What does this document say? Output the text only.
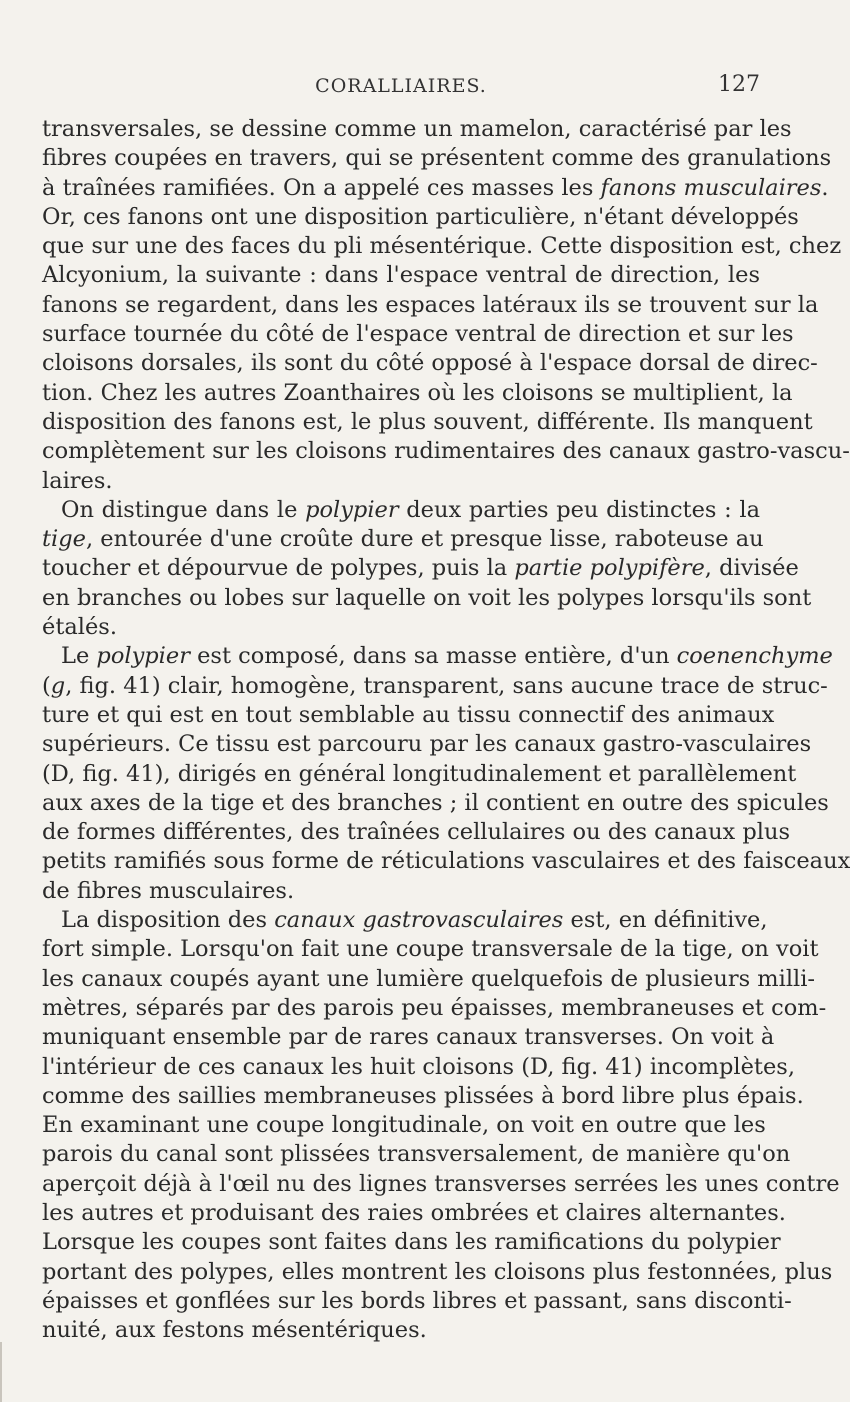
CORALLIAIRES.	127
transversales, se dessine comme un mamelon, caractérisé par les
fibres coupées en travers, qui se présentent comme des granulations
à traînées ramifiées. On a appelé ces masses les fanons musculaires.
Or, ces fanons ont une disposition particulière, n'étant développés
que sur une des faces du pli mésentérique. Cette disposition est, chez
Alcyonium, la suivante : dans l'espace ventral de direction, les
fanons se regardent, dans les espaces latéraux ils se trouvent sur la
surface tournée du côté de l'espace ventral de direction et sur les
cloisons dorsales, ils sont du côté opposé à l'espace dorsal de direc-
tion. Chez les autres Zoanthaires où les cloisons se multiplient, la
disposition des fanons est, le plus souvent, différente. Ils manquent
complètement sur les cloisons rudimentaires des canaux gastro-vascu-
laires.
On distingue dans le polypier deux parties peu distinctes : la
tige, entourée d'une croûte dure et presque lisse, raboteuse au
toucher et dépourvue de polypes, puis la partie polypifère, divisée
en branches ou lobes sur laquelle on voit les polypes lorsqu'ils sont
étalés.
Le polypier est composé, dans sa masse entière, d'un coenenchyme
(g, fig. 41) clair, homogène, transparent, sans aucune trace de struc-
ture et qui est en tout semblable au tissu connectif des animaux
supérieurs. Ce tissu est parcouru par les canaux gastro-vasculaires
(D, fig. 41), dirigés en général longitudinalement et parallèlement
aux axes de la tige et des branches ; il contient en outre des spicules
de formes différentes, des traînées cellulaires ou des canaux plus
petits ramifiés sous forme de réticulations vasculaires et des faisceaux
de fibres musculaires.
La disposition des canaux gastrovasculaires est, en définitive,
fort simple. Lorsqu'on fait une coupe transversale de la tige, on voit
les canaux coupés ayant une lumière quelquefois de plusieurs milli-
mètres, séparés par des parois peu épaisses, membraneuses et com-
muniquant ensemble par de rares canaux transverses. On voit à
l'intérieur de ces canaux les huit cloisons (D, fig. 41) incomplètes,
comme des saillies membraneuses plissées à bord libre plus épais.
En examinant une coupe longitudinale, on voit en outre que les
parois du canal sont plissées transversalement, de manière qu'on
aperçoit déjà à l'œil nu des lignes transverses serrées les unes contre
les autres et produisant des raies ombrées et claires alternantes.
Lorsque les coupes sont faites dans les ramifications du polypier
portant des polypes, elles montrent les cloisons plus festonnées, plus
épaisses et gonflées sur les bords libres et passant, sans disconti-
nuité, aux festons mésentériques.
